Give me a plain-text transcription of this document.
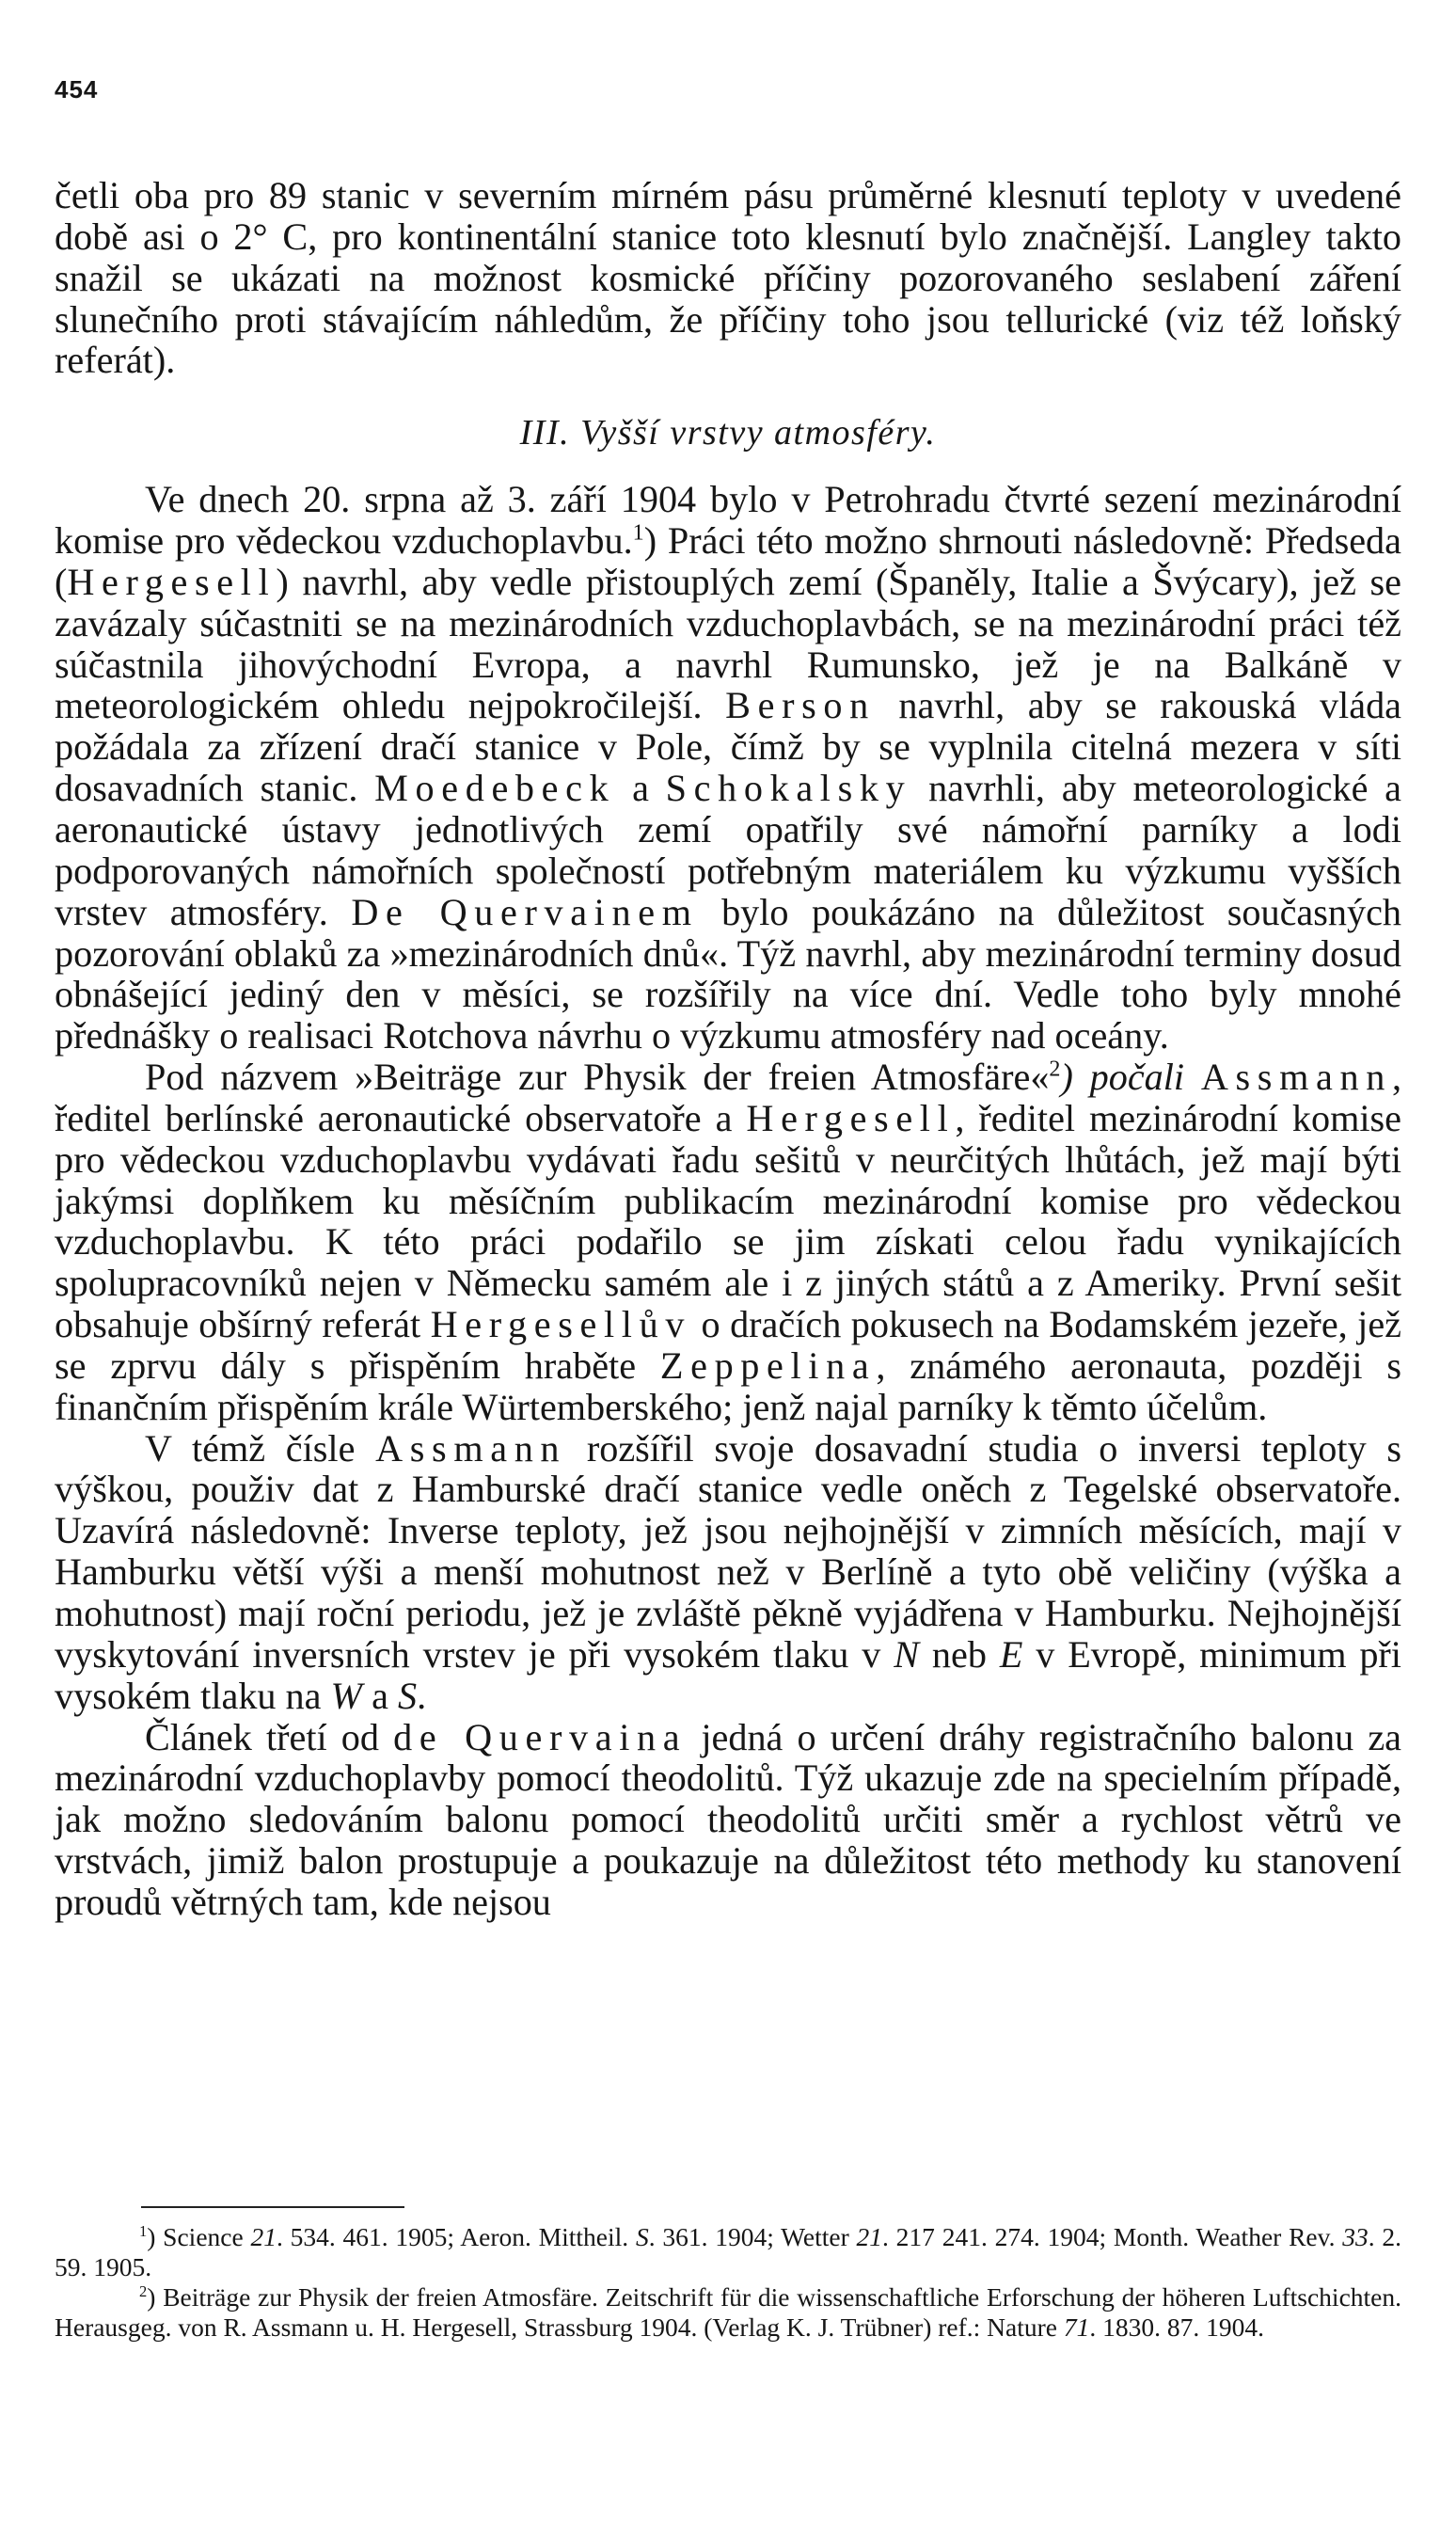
454

četli oba pro 89 stanic v severním mírném pásu průměrné klesnutí teploty v uvedené době asi o 2° C, pro kontinentální stanice toto klesnutí bylo značnější. Langley takto snažil se ukázati na možnost kosmické příčiny pozorovaného seslabení záření slunečního proti stávajícím náhledům, že příčiny toho jsou tellurické (viz též loňský referát).

III. Vyšší vrstvy atmosféry.

Ve dnech 20. srpna až 3. září 1904 bylo v Petrohradu čtvrté sezení mezinárodní komise pro vědeckou vzduchoplavbu.$^1$) Práci této možno shrnouti následovně: Předseda (Hergesell) navrhl, aby vedle přistouplých zemí (Španěly, Italie a Švýcary), jež se zavázaly súčastniti se na mezinárodních vzduchoplavbách, se na mezinárodní práci též súčastnila jihovýchodní Evropa, a navrhl Rumunsko, jež je na Balkáně v meteorologickém ohledu nejpokročilejší. Berson navrhl, aby se rakouská vláda požádala za zřízení dračí stanice v Pole, čímž by se vyplnila citelná mezera v síti dosavadních stanic. Moedebeck a Schokalsky navrhli, aby meteorologické a aeronautické ústavy jednotlivých zemí opatřily své námořní parníky a lodi podporovaných námořních společností potřebným materiálem ku výzkumu vyšších vrstev atmosféry. De Quervainem bylo poukázáno na důležitost současných pozorování oblaků za »mezinárodních dnů«. Týž navrhl, aby mezinárodní terminy dosud obnášející jediný den v měsíci, se rozšířily na více dní. Vedle toho byly mnohé přednášky o realisaci Rotchova návrhu o výzkumu atmosféry nad oceány.

Pod názvem »Beiträge zur Physik der freien Atmosfäre«$^2$) počali Assmann, ředitel berlínské aeronautické observatoře a Hergesell, ředitel mezinárodní komise pro vědeckou vzduchoplavbu vydávati řadu sešitů v neurčitých lhůtách, jež mají býti jakýmsi doplňkem ku měsíčním publikacím mezinárodní komise pro vědeckou vzduchoplavbu. K této práci podařilo se jim získati celou řadu vynikajících spolupracovníků nejen v Německu samém ale i z jiných států a z Ameriky. První sešit obsahuje obšírný referát Hergesellův o dračích pokusech na Bodamském jezeře, jež se zprvu dály s přispěním hraběte Zeppelina, známého aeronauta, později s finančním přispěním krále Würtemberského; jenž najal parníky k těmto účelům.

V témž čísle Assmann rozšířil svoje dosavadní studia o inversi teploty s výškou, použiv dat z Hamburské dračí stanice vedle oněch z Tegelské observatoře. Uzavírá následovně: Inverse teploty, jež jsou nejhojnější v zimních měsících, mají v Hamburku větší výši a menší mohutnost než v Berlíně a tyto obě veličiny (výška a mohutnost) mají roční periodu, jež je zvláště pěkně vyjádřena v Hamburku. Nejhojnější vyskytování inversních vrstev je při vysokém tlaku v N neb E v Evropě, minimum při vysokém tlaku na W a S.

Článek třetí od de Quervaina jedná o určení dráhy registračního balonu za mezinárodní vzduchoplavby pomocí theodolitů. Týž ukazuje zde na specielním případě, jak možno sledováním balonu pomocí theodolitů určiti směr a rychlost větrů ve vrstvách, jimiž balon prostupuje a poukazuje na důležitost této methody ku stanovení proudů větrných tam, kde nejsou

$^1$) Science 21. 534. 461. 1905; Aeron. Mittheil. S. 361. 1904; Wetter 21. 217 241. 274. 1904; Month. Weather Rev. 33. 2. 59. 1905.

$^2$) Beiträge zur Physik der freien Atmosfäre. Zeitschrift für die wissenschaftliche Erforschung der höheren Luftschichten. Herausgeg. von R. Assmann u. H. Hergesell, Strassburg 1904. (Verlag K. J. Trübner) ref.: Nature 71. 1830. 87. 1904.
